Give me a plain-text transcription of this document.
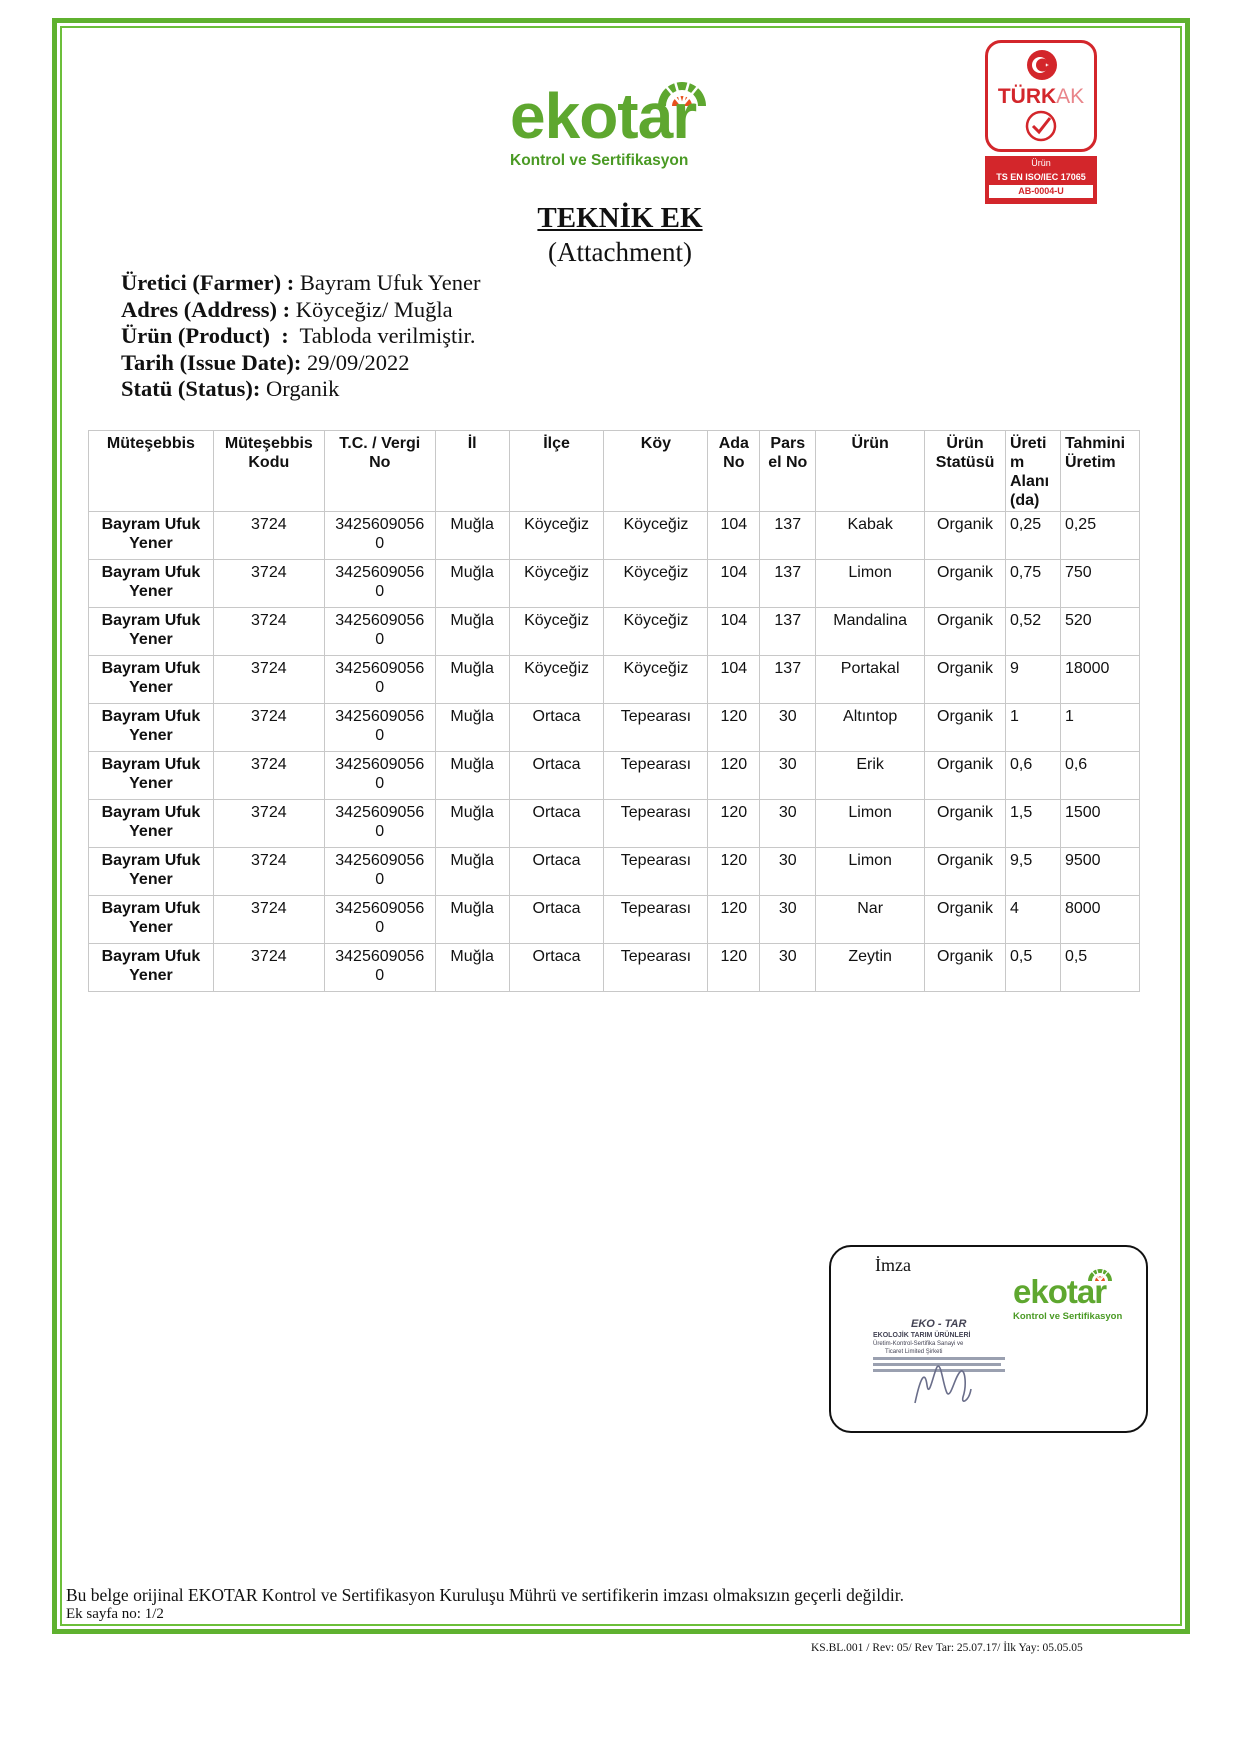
ekotar
Kontrol ve Sertifikasyon
TÜRKAK
Ürün
TS EN ISO/IEC 17065
AB-0004-U
TEKNİK EK
(Attachment)
Üretici (Farmer) : Bayram Ufuk Yener
Adres (Address) : Köyceğiz/ Muğla
Ürün (Product)  :  Tabloda verilmiştir.
Tarih (Issue Date): 29/09/2022
Statü (Status): Organik
Müteşebbis	Müteşebbis Kodu	T.C. / Vergi No	İl	İlçe	Köy	Ada No	Pars el No	Ürün	Ürün Statüsü	Üreti m Alanı (da)	Tahmini Üretim
Bayram Ufuk Yener	3724	3425609056 0	Muğla	Köyceğiz	Köyceğiz	104	137	Kabak	Organik	0,25	0,25
Bayram Ufuk Yener	3724	3425609056 0	Muğla	Köyceğiz	Köyceğiz	104	137	Limon	Organik	0,75	750
Bayram Ufuk Yener	3724	3425609056 0	Muğla	Köyceğiz	Köyceğiz	104	137	Mandalina	Organik	0,52	520
Bayram Ufuk Yener	3724	3425609056 0	Muğla	Köyceğiz	Köyceğiz	104	137	Portakal	Organik	9	18000
Bayram Ufuk Yener	3724	3425609056 0	Muğla	Ortaca	Tepearası	120	30	Altıntop	Organik	1	1
Bayram Ufuk Yener	3724	3425609056 0	Muğla	Ortaca	Tepearası	120	30	Erik	Organik	0,6	0,6
Bayram Ufuk Yener	3724	3425609056 0	Muğla	Ortaca	Tepearası	120	30	Limon	Organik	1,5	1500
Bayram Ufuk Yener	3724	3425609056 0	Muğla	Ortaca	Tepearası	120	30	Limon	Organik	9,5	9500
Bayram Ufuk Yener	3724	3425609056 0	Muğla	Ortaca	Tepearası	120	30	Nar	Organik	4	8000
Bayram Ufuk Yener	3724	3425609056 0	Muğla	Ortaca	Tepearası	120	30	Zeytin	Organik	0,5	0,5
İmza
ekotar
Kontrol ve Sertifikasyon
EKO - TAR
EKOLOJİK TARIM ÜRÜNLERİ
Üretim-Kontrol-Sertifika Sanayi ve
Ticaret Limited Şirketi
Bu belge orijinal EKOTAR Kontrol ve Sertifikasyon Kuruluşu Mührü ve sertifikerin imzası olmaksızın geçerli değildir.
Ek sayfa no: 1/2
KS.BL.001 / Rev: 05/ Rev Tar: 25.07.17/ İlk Yay: 05.05.05
